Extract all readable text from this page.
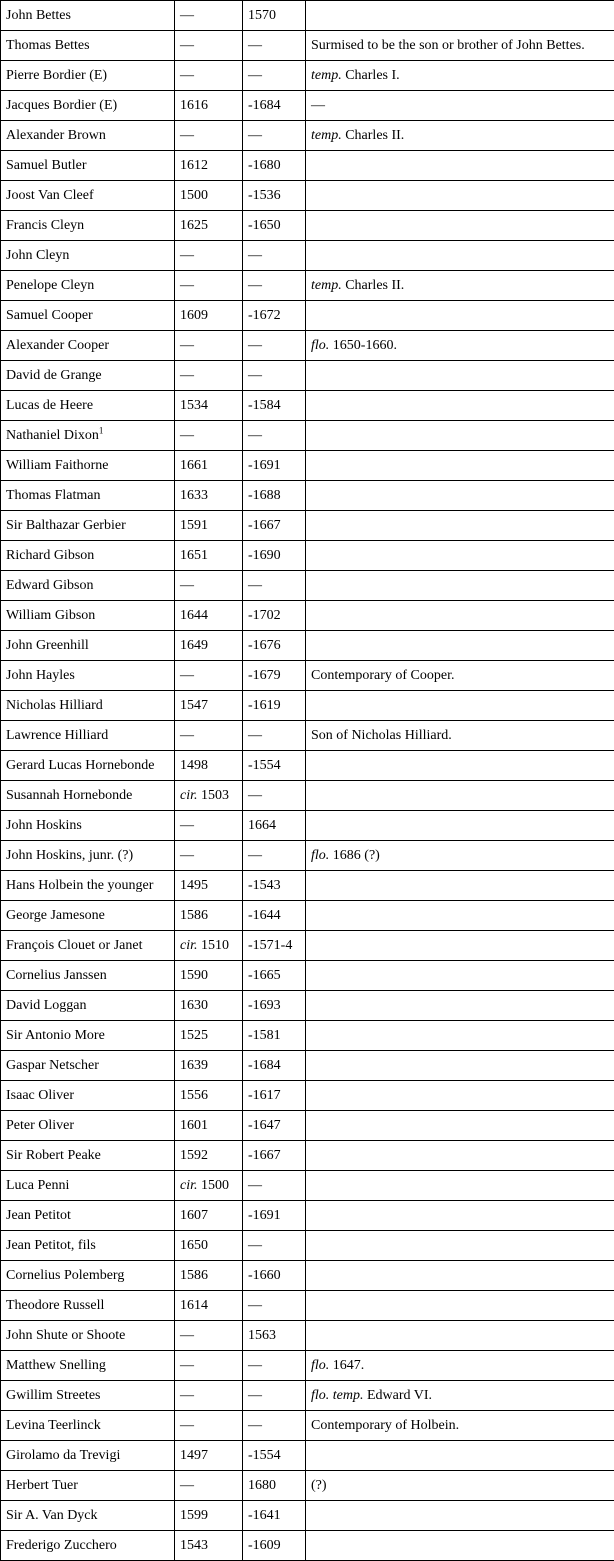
John Bettes	—	1570	
Thomas Bettes	—	—	Surmised to be the son or brother of John Bettes.
Pierre Bordier (E)	—	—	temp. Charles I.
Jacques Bordier (E)	1616	-1684	—
Alexander Brown	—	—	temp. Charles II.
Samuel Butler	1612	-1680	
Joost Van Cleef	1500	-1536	
Francis Cleyn	1625	-1650	
John Cleyn	—	—	
Penelope Cleyn	—	—	temp. Charles II.
Samuel Cooper	1609	-1672	
Alexander Cooper	—	—	flo. 1650-1660.
David de Grange	—	—	
Lucas de Heere	1534	-1584	
Nathaniel Dixon$^1$	—	—	
William Faithorne	1661	-1691	
Thomas Flatman	1633	-1688	
Sir Balthazar Gerbier	1591	-1667	
Richard Gibson	1651	-1690	
Edward Gibson	—	—	
William Gibson	1644	-1702	
John Greenhill	1649	-1676	
John Hayles	—	-1679	Contemporary of Cooper.
Nicholas Hilliard	1547	-1619	
Lawrence Hilliard	—	—	Son of Nicholas Hilliard.
Gerard Lucas Hornebonde	1498	-1554	
Susannah Hornebonde	cir. 1503	—	
John Hoskins	—	1664	
John Hoskins, junr. (?)	—	—	flo. 1686 (?)
Hans Holbein the younger	1495	-1543	
George Jamesone	1586	-1644	
François Clouet or Janet	cir. 1510	-1571-4	
Cornelius Janssen	1590	-1665	
David Loggan	1630	-1693	
Sir Antonio More	1525	-1581	
Gaspar Netscher	1639	-1684	
Isaac Oliver	1556	-1617	
Peter Oliver	1601	-1647	
Sir Robert Peake	1592	-1667	
Luca Penni	cir. 1500	—	
Jean Petitot	1607	-1691	
Jean Petitot, fils	1650	—	
Cornelius Polemberg	1586	-1660	
Theodore Russell	1614	—	
John Shute or Shoote	—	1563	
Matthew Snelling	—	—	flo. 1647.
Gwillim Streetes	—	—	flo. temp. Edward VI.
Levina Teerlinck	—	—	Contemporary of Holbein.
Girolamo da Trevigi	1497	-1554	
Herbert Tuer	—	1680	(?)
Sir A. Van Dyck	1599	-1641	
Frederigo Zucchero	1543	-1609	
